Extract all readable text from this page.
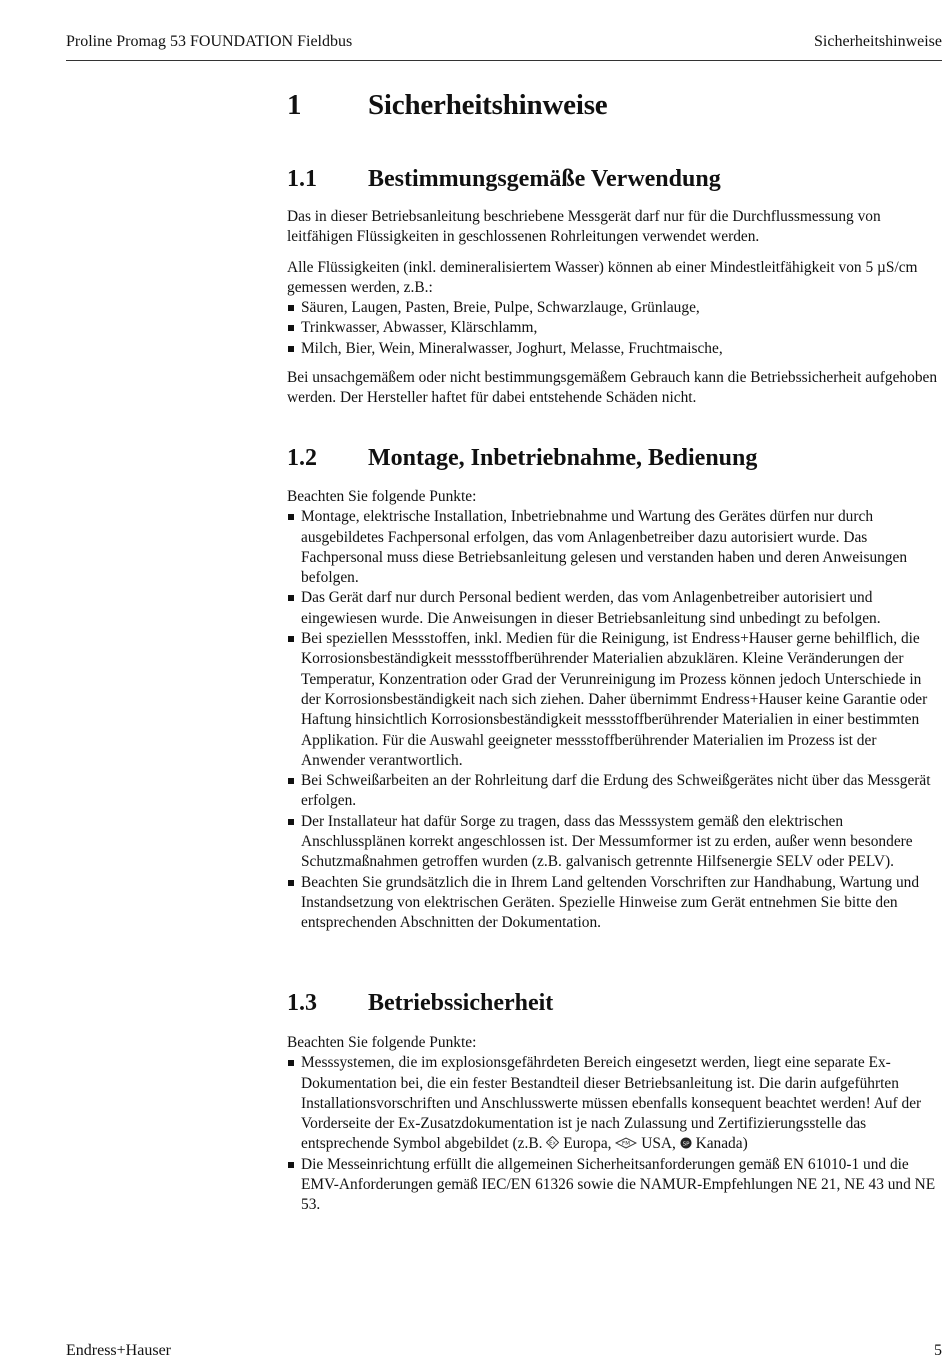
Proline Promag 53 FOUNDATION Fieldbus	Sicherheitshinweise
1 Sicherheitshinweise
1.1 Bestimmungsgemäße Verwendung

Das in dieser Betriebsanleitung beschriebene Messgerät darf nur für die Durchflussmessung von leitfähigen Flüssigkeiten in geschlossenen Rohrleitungen verwendet werden.

Alle Flüssigkeiten (inkl. demineralisiertem Wasser) können ab einer Mindestleitfähigkeit von 5 µS/cm gemessen werden, z.B.:

Säuren, Laugen, Pasten, Breie, Pulpe, Schwarzlauge, Grünlauge,
Trinkwasser, Abwasser, Klärschlamm,
Milch, Bier, Wein, Mineralwasser, Joghurt, Melasse, Fruchtmaische,

Bei unsachgemäßem oder nicht bestimmungsgemäßem Gebrauch kann die Betriebssicherheit aufgehoben werden. Der Hersteller haftet für dabei entstehende Schäden nicht.

1.2 Montage, Inbetriebnahme, Bedienung

Beachten Sie folgende Punkte:

Montage, elektrische Installation, Inbetriebnahme und Wartung des Gerätes dürfen nur durch ausgebildetes Fachpersonal erfolgen, das vom Anlagenbetreiber dazu autorisiert wurde. Das Fachpersonal muss diese Betriebsanleitung gelesen und verstanden haben und deren Anweisungen befolgen.
Das Gerät darf nur durch Personal bedient werden, das vom Anlagenbetreiber autorisiert und eingewiesen wurde. Die Anweisungen in dieser Betriebsanleitung sind unbedingt zu befolgen.
Bei speziellen Messstoffen, inkl. Medien für die Reinigung, ist Endress+Hauser gerne behilflich, die Korrosionsbeständigkeit messstoffberührender Materialien abzuklären. Kleine Veränderungen der Temperatur, Konzentration oder Grad der Verunreinigung im Prozess können jedoch Unterschiede in der Korrosionsbeständigkeit nach sich ziehen. Daher übernimmt Endress+Hauser keine Garantie oder Haftung hinsichtlich Korrosionsbeständigkeit messstoffberührender Materialien in einer bestimmten Applikation. Für die Auswahl geeigneter messstoffberührender Materialien im Prozess ist der Anwender verantwortlich.
Bei Schweißarbeiten an der Rohrleitung darf die Erdung des Schweißgerätes nicht über das Messgerät erfolgen.
Der Installateur hat dafür Sorge zu tragen, dass das Messsystem gemäß den elektrischen Anschlussplänen korrekt angeschlossen ist. Der Messumformer ist zu erden, außer wenn besondere Schutzmaßnahmen getroffen wurden (z.B. galvanisch getrennte Hilfsenergie SELV oder PELV).
Beachten Sie grundsätzlich die in Ihrem Land geltenden Vorschriften zur Handhabung, Wartung und Instandsetzung von elektrischen Geräten. Spezielle Hinweise zum Gerät entnehmen Sie bitte den entsprechenden Abschnitten der Dokumentation.
1.3 Betriebssicherheit

Beachten Sie folgende Punkte:

Messsystemen, die im explosionsgefährdeten Bereich eingesetzt werden, liegt eine separate Ex-Dokumentation bei, die ein fester Bestandteil dieser Betriebsanleitung ist. Die darin aufgeführten Installationsvorschriften und Anschlusswerte müssen ebenfalls konsequent beachtet werden! Auf der Vorderseite der Ex-Zusatzdokumentation ist je nach Zulassung und Zertifizierungsstelle das entsprechende Symbol abgebildet (z.B. Ex Europa, FM USA, SP Kanada)
Die Messeinrichtung erfüllt die allgemeinen Sicherheitsanforderungen gemäß EN 61010-1 und die EMV-Anforderungen gemäß IEC/EN 61326 sowie die NAMUR-Empfehlungen NE 21, NE 43 und NE 53.
Endress+Hauser	5
